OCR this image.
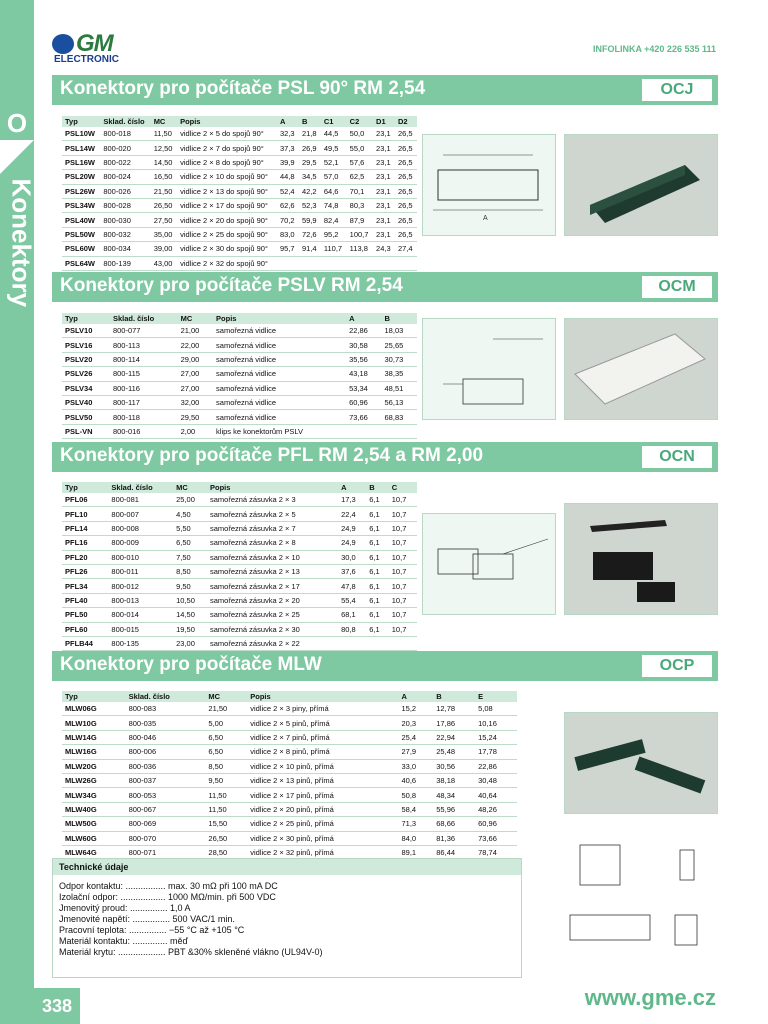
O
Konektory
GM
ELECTRONIC
INFOLINKA +420 226 535 111
Konektory pro počítače PSL 90° RM 2,54	OCJ
Typ	Sklad. číslo	MC	Popis	A	B	C1	C2	D1	D2
PSL10W	800-018	11,50	vidlice 2 × 5 do spojů 90°	32,3	21,8	44,5	50,0	23,1	26,5
PSL14W	800-020	12,50	vidlice 2 × 7 do spojů 90°	37,3	26,9	49,5	55,0	23,1	26,5
PSL16W	800-022	14,50	vidlice 2 × 8 do spojů 90°	39,9	29,5	52,1	57,6	23,1	26,5
PSL20W	800-024	16,50	vidlice 2 × 10 do spojů 90°	44,8	34,5	57,0	62,5	23,1	26,5
PSL26W	800-026	21,50	vidlice 2 × 13 do spojů 90°	52,4	42,2	64,6	70,1	23,1	26,5
PSL34W	800-028	26,50	vidlice 2 × 17 do spojů 90°	62,6	52,3	74,8	80,3	23,1	26,5
PSL40W	800-030	27,50	vidlice 2 × 20 do spojů 90°	70,2	59,9	82,4	87,9	23,1	26,5
PSL50W	800-032	35,00	vidlice 2 × 25 do spojů 90°	83,0	72,6	95,2	100,7	23,1	26,5
PSL60W	800-034	39,00	vidlice 2 × 30 do spojů 90°	95,7	91,4	110,7	113,8	24,3	27,4
PSL64W	800-139	43,00	vidlice 2 × 32 do spojů 90°						
A
Konektory pro počítače PSLV RM 2,54	OCM
Typ	Sklad. číslo	MC	Popis	A	B
PSLV10	800-077	21,00	samořezná vidlice	22,86	18,03
PSLV16	800-113	22,00	samořezná vidlice	30,58	25,65
PSLV20	800-114	29,00	samořezná vidlice	35,56	30,73
PSLV26	800-115	27,00	samořezná vidlice	43,18	38,35
PSLV34	800-116	27,00	samořezná vidlice	53,34	48,51
PSLV40	800-117	32,00	samořezná vidlice	60,96	56,13
PSLV50	800-118	29,50	samořezná vidlice	73,66	68,83
PSL-VN	800-016	2,00	klips ke konektorům PSLV		
Konektory pro počítače PFL RM 2,54 a RM 2,00	OCN
Typ	Sklad. číslo	MC	Popis	A	B	C
PFL06	800-081	25,00	samořezná zásuvka 2 × 3	17,3	6,1	10,7
PFL10	800-007	4,50	samořezná zásuvka 2 × 5	22,4	6,1	10,7
PFL14	800-008	5,50	samořezná zásuvka 2 × 7	24,9	6,1	10,7
PFL16	800-009	6,50	samořezná zásuvka 2 × 8	24,9	6,1	10,7
PFL20	800-010	7,50	samořezná zásuvka 2 × 10	30,0	6,1	10,7
PFL26	800-011	8,50	samořezná zásuvka 2 × 13	37,6	6,1	10,7
PFL34	800-012	9,50	samořezná zásuvka 2 × 17	47,8	6,1	10,7
PFL40	800-013	10,50	samořezná zásuvka 2 × 20	55,4	6,1	10,7
PFL50	800-014	14,50	samořezná zásuvka 2 × 25	68,1	6,1	10,7
PFL60	800-015	19,50	samořezná zásuvka 2 × 30	80,8	6,1	10,7
PFLB44	800-135	23,00	samořezná zásuvka 2 × 22			
Konektory pro počítače MLW	OCP
Typ	Sklad. číslo	MC	Popis	A	B	E
MLW06G	800-083	21,50	vidlice 2 × 3 piny, přímá	15,2	12,78	5,08
MLW10G	800-035	5,00	vidlice 2 × 5 pinů, přímá	20,3	17,86	10,16
MLW14G	800-046	6,50	vidlice 2 × 7 pinů, přímá	25,4	22,94	15,24
MLW16G	800-006	6,50	vidlice 2 × 8 pinů, přímá	27,9	25,48	17,78
MLW20G	800-036	8,50	vidlice 2 × 10 pinů, přímá	33,0	30,56	22,86
MLW26G	800-037	9,50	vidlice 2 × 13 pinů, přímá	40,6	38,18	30,48
MLW34G	800-053	11,50	vidlice 2 × 17 pinů, přímá	50,8	48,34	40,64
MLW40G	800-067	11,50	vidlice 2 × 20 pinů, přímá	58,4	55,96	48,26
MLW50G	800-069	15,50	vidlice 2 × 25 pinů, přímá	71,3	68,66	60,96
MLW60G	800-070	26,50	vidlice 2 × 30 pinů, přímá	84,0	81,36	73,66
MLW64G	800-071	28,50	vidlice 2 × 32 pinů, přímá	89,1	86,44	78,74
Technické údaje
Odpor kontaktu: ................ max. 30 mΩ při 100 mA DC
Izolační odpor: .................. 1000 MΩ/min. při 500 VDC
Jmenovitý proud: ............... 1,0 A
Jmenovité napětí: ............... 500 VAC/1 min.
Pracovní teplota: ............... −55 °C až +105 °C
Materiál kontaktu: .............. měď
Materiál krytu: ................... PBT &30% skleněné vlákno (UL94V-0)
338	www.gme.cz
